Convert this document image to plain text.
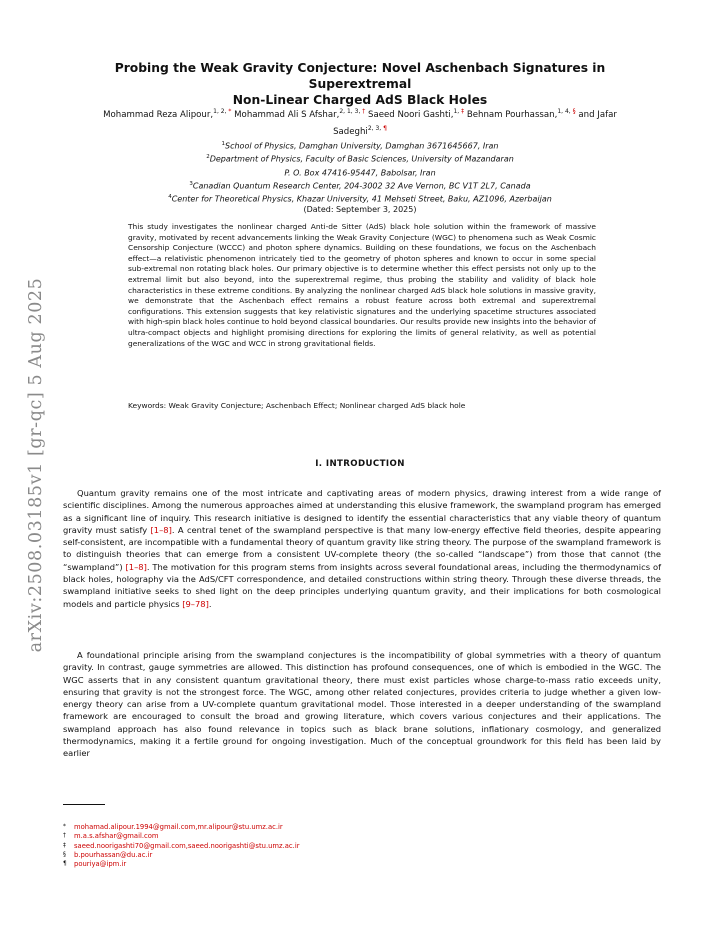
arXiv:2508.03185v1 [gr-qc] 5 Aug 2025
Probing the Weak Gravity Conjecture: Novel Aschenbach Signatures in Superextremal
Non-Linear Charged AdS Black Holes
Mohammad Reza Alipour,$^{1, 2, *}$ Mohammad Ali S Afshar,$^{2, 1, 3, \dagger}$ Saeed Noori Gashti,$^{1, \ddagger}$ Behnam Pourhassan,$^{1, 4, \S}$ and Jafar Sadeghi$^{2, 3, \P}$
$^1$School of Physics, Damghan University, Damghan 3671645667, Iran
$^2$Department of Physics, Faculty of Basic Sciences, University of Mazandaran
P. O. Box 47416-95447, Babolsar, Iran
$^3$Canadian Quantum Research Center, 204-3002 32 Ave Vernon, BC V1T 2L7, Canada
$^4$Center for Theoretical Physics, Khazar University, 41 Mehseti Street, Baku, AZ1096, Azerbaijan
(Dated: September 3, 2025)
This study investigates the nonlinear charged Anti-de Sitter (AdS) black hole solution within the framework of massive gravity, motivated by recent advancements linking the Weak Gravity Conjecture (WGC) to phenomena such as Weak Cosmic Censorship Conjecture (WCCC) and photon sphere dynamics. Building on these foundations, we focus on the Aschenbach effect—a relativistic phenomenon intricately tied to the geometry of photon spheres and known to occur in some special sub-extremal non rotating black holes. Our primary objective is to determine whether this effect persists not only up to the extremal limit but also beyond, into the superextremal regime, thus probing the stability and validity of black hole characteristics in these extreme conditions. By analyzing the nonlinear charged AdS black hole solutions in massive gravity, we demonstrate that the Aschenbach effect remains a robust feature across both extremal and superextremal configurations. This extension suggests that key relativistic signatures and the underlying spacetime structures associated with high-spin black holes continue to hold beyond classical boundaries. Our results provide new insights into the behavior of ultra-compact objects and highlight promising directions for exploring the limits of general relativity, as well as potential generalizations of the WGC and WCC in strong gravitational fields.
Keywords: Weak Gravity Conjecture; Aschenbach Effect; Nonlinear charged AdS black hole
I. INTRODUCTION
Quantum gravity remains one of the most intricate and captivating areas of modern physics, drawing interest from a wide range of scientific disciplines. Among the numerous approaches aimed at understanding this elusive framework, the swampland program has emerged as a significant line of inquiry. This research initiative is designed to identify the essential characteristics that any viable theory of quantum gravity must satisfy [1–8]. A central tenet of the swampland perspective is that many low-energy effective field theories, despite appearing self-consistent, are incompatible with a fundamental theory of quantum gravity like string theory. The purpose of the swampland framework is to distinguish theories that can emerge from a consistent UV-complete theory (the so-called “landscape”) from those that cannot (the “swampland”) [1–8]. The motivation for this program stems from insights across several foundational areas, including the thermodynamics of black holes, holography via the AdS/CFT correspondence, and detailed constructions within string theory. Through these diverse threads, the swampland initiative seeks to shed light on the deep principles underlying quantum gravity, and their implications for both cosmological models and particle physics [9–78].
A foundational principle arising from the swampland conjectures is the incompatibility of global symmetries with a theory of quantum gravity. In contrast, gauge symmetries are allowed. This distinction has profound consequences, one of which is embodied in the WGC. The WGC asserts that in any consistent quantum gravitational theory, there must exist particles whose charge-to-mass ratio exceeds unity, ensuring that gravity is not the strongest force. The WGC, among other related conjectures, provides criteria to judge whether a given low-energy theory can arise from a UV-complete quantum gravitational model. Those interested in a deeper understanding of the swampland framework are encouraged to consult the broad and growing literature, which covers various conjectures and their applications. The swampland approach has also found relevance in topics such as black brane solutions, inflationary cosmology, and generalized thermodynamics, making it a fertile ground for ongoing investigation. Much of the conceptual groundwork for this field has been laid by earlier
*	mohamad.alipour.1994@gmail.com,mr.alipour@stu.umz.ac.ir
†	m.a.s.afshar@gmail.com
‡	saeed.noorigashti70@gmail.com,saeed.noorigashti@stu.umz.ac.ir
§	b.pourhassan@du.ac.ir
¶	pouriya@ipm.ir
